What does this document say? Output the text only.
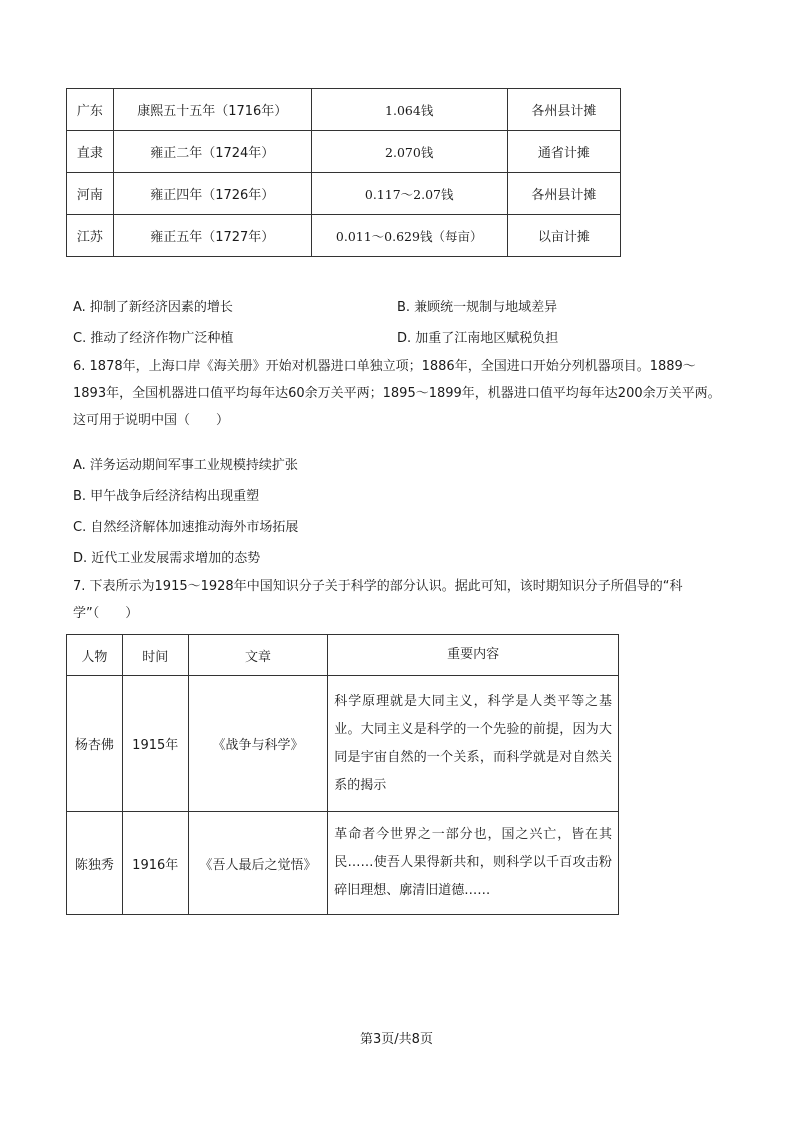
广东	康熙五十五年（1716年）	1.064钱	各州县计摊
直隶	雍正二年（1724年）	2.070钱	通省计摊
河南	雍正四年（1726年）	0.117～2.07钱	各州县计摊
江苏	雍正五年（1727年）	0.011～0.629钱（每亩）	以亩计摊
A. 抑制了新经济因素的增长	B. 兼顾统一规制与地域差异
C. 推动了经济作物广泛种植	D. 加重了江南地区赋税负担
6. 1878年，上海口岸《海关册》开始对机器进口单独立项；1886年，全国进口开始分列机器项目。1889～1893年，全国机器进口值平均每年达60余万关平两；1895～1899年，机器进口值平均每年达200余万关平两。这可用于说明中国（　　）
A. 洋务运动期间军事工业规模持续扩张
B. 甲午战争后经济结构出现重塑
C. 自然经济解体加速推动海外市场拓展
D. 近代工业发展需求增加的态势
7. 下表所示为1915～1928年中国知识分子关于科学的部分认识。据此可知，该时期知识分子所倡导的“科学”（　　）
人物	时间	文章	重要内容
杨杏佛	1915年	《战争与科学》	科学原理就是大同主义，科学是人类平等之基业。大同主义是科学的一个先验的前提，因为大同是宇宙自然的一个关系，而科学就是对自然关系的揭示
陈独秀	1916年	《吾人最后之觉悟》	革命者今世界之一部分也，国之兴亡，皆在其民……使吾人果得新共和，则科学以千百攻击粉碎旧理想、廓清旧道德……
第3页/共8页
